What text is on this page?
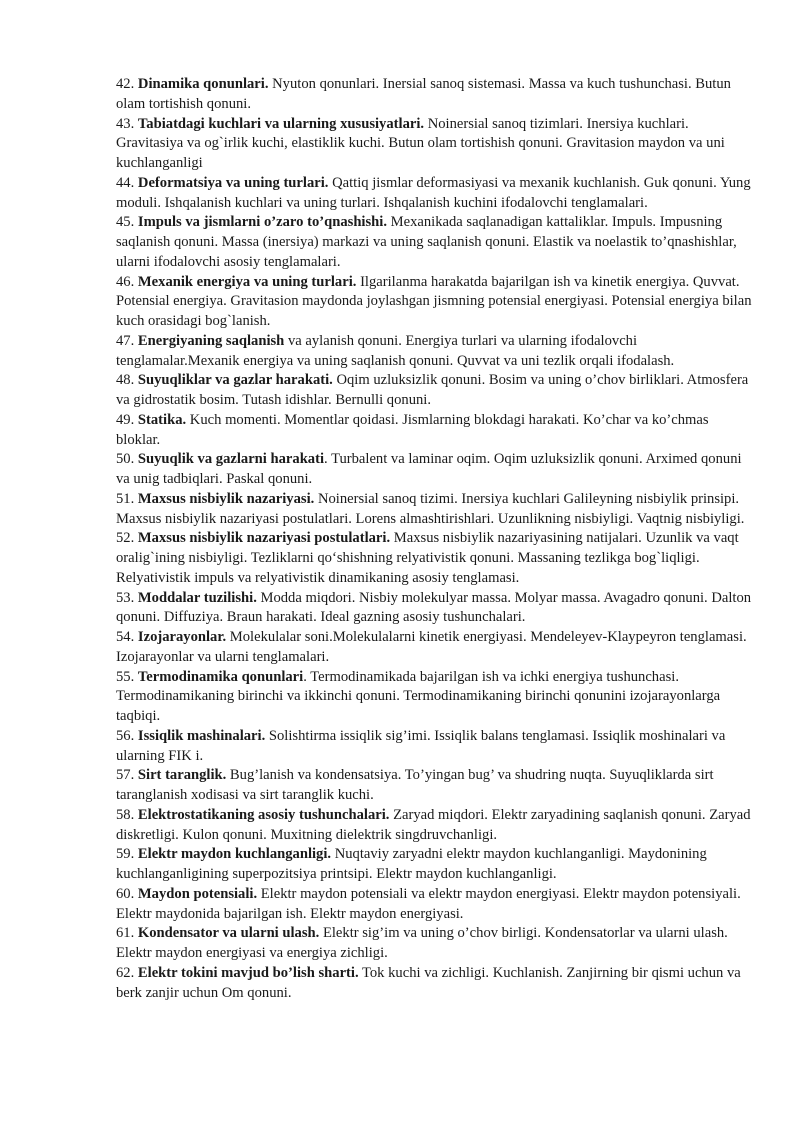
42. Dinamika qonunlari. Nyuton qonunlari. Inersial sanoq sistemasi. Massa va kuch tushunchasi. Butun olam tortishish qonuni.

43. Tabiatdagi kuchlari va ularning xususiyatlari. Noinersial sanoq tizimlari. Inersiya kuchlari. Gravitasiya va og`irlik kuchi, elastiklik kuchi. Butun olam tortishish qonuni. Gravitasion maydon va uni kuchlanganligi

44. Deformatsiya va uning turlari. Qattiq jismlar deformasiyasi va mexanik kuchlanish. Guk qonuni. Yung moduli. Ishqalanish kuchlari va uning turlari. Ishqalanish kuchini ifodalovchi tenglamalari.

45. Impuls va jismlarni o’zaro to’qnashishi. Mexanikada saqlanadigan kattaliklar. Impuls. Impusning saqlanish qonuni. Massa (inersiya) markazi va uning saqlanish qonuni. Elastik va noelastik to’qnashishlar, ularni ifodalovchi asosiy tenglamalari.

46. Mexanik energiya va uning turlari. Ilgarilanma harakatda bajarilgan ish va kinetik energiya. Quvvat. Potensial energiya. Gravitasion maydonda joylashgan jismning potensial energiyasi. Potensial energiya bilan kuch orasidagi bog`lanish.

47. Energiyaning saqlanish va aylanish qonuni. Energiya turlari va ularning ifodalovchi tenglamalar.Mexanik energiya va uning saqlanish qonuni. Quvvat va uni tezlik orqali ifodalash.

48. Suyuqliklar va gazlar harakati. Oqim uzluksizlik qonuni. Bosim va uning o’chov birliklari. Atmosfera va gidrostatik bosim. Tutash idishlar. Bernulli qonuni.

49. Statika. Kuch momenti. Momentlar qoidasi. Jismlarning blokdagi harakati. Ko’char va ko’chmas bloklar.

50. Suyuqlik va gazlarni harakati. Turbalent va laminar oqim. Oqim uzluksizlik qonuni. Arximed qonuni va unig tadbiqlari. Paskal qonuni.

51. Maxsus nisbiylik nazariyasi. Noinersial sanoq tizimi. Inersiya kuchlari Galileyning nisbiylik prinsipi. Maxsus nisbiylik nazariyasi postulatlari. Lorens almashtirishlari. Uzunlikning nisbiyligi. Vaqtnig nisbiyligi.

52. Maxsus nisbiylik nazariyasi postulatlari. Maxsus nisbiylik nazariyasining natijalari. Uzunlik va vaqt oralig`ining nisbiyligi. Tezliklarni qo‘shishning relyativistik qonuni. Massaning tezlikga bog`liqligi. Relyativistik impuls va relyativistik dinamikaning asosiy tenglamasi.

53. Moddalar tuzilishi. Modda miqdori. Nisbiy molekulyar massa. Molyar massa. Avagadro qonuni. Dalton qonuni. Diffuziya. Braun harakati. Ideal gazning asosiy tushunchalari.

54. Izojarayonlar. Molekulalar soni.Molekulalarni kinetik energiyasi. Mendeleyev-Klaypeyron tenglamasi. Izojarayonlar va ularni tenglamalari.

55. Termodinamika qonunlari. Termodinamikada bajarilgan ish va ichki energiya tushunchasi. Termodinamikaning birinchi va ikkinchi qonuni. Termodinamikaning birinchi qonunini izojarayonlarga taqbiqi.

56. Issiqlik mashinalari. Solishtirma issiqlik sig’imi. Issiqlik balans tenglamasi. Issiqlik moshinalari va ularning FIK i.

57. Sirt taranglik. Bug’lanish va kondensatsiya. To’yingan bug’ va shudring nuqta. Suyuqliklarda sirt taranglanish xodisasi va sirt taranglik kuchi.

58. Elektrostatikaning asosiy tushunchalari. Zaryad miqdori. Elektr zaryadining saqlanish qonuni. Zaryad diskretligi. Kulon qonuni. Muxitning dielektrik singdruvchanligi.

59. Elektr maydon kuchlanganligi. Nuqtaviy zaryadni elektr maydon kuchlanganligi. Maydonining kuchlanganligining superpozitsiya printsipi. Elektr maydon kuchlanganligi.

60. Maydon potensiali. Elektr maydon potensiali va elektr maydon energiyasi. Elektr maydon potensiyali. Elektr maydonida bajarilgan ish. Elektr maydon energiyasi.

61. Kondensator va ularni ulash. Elektr sig’im va uning o’chov birligi. Kondensatorlar va ularni ulash. Elektr maydon energiyasi va energiya zichligi.

62. Elektr tokini mavjud bo’lish sharti. Tok kuchi va zichligi. Kuchlanish. Zanjirning bir qismi uchun va berk zanjir uchun Om qonuni.
